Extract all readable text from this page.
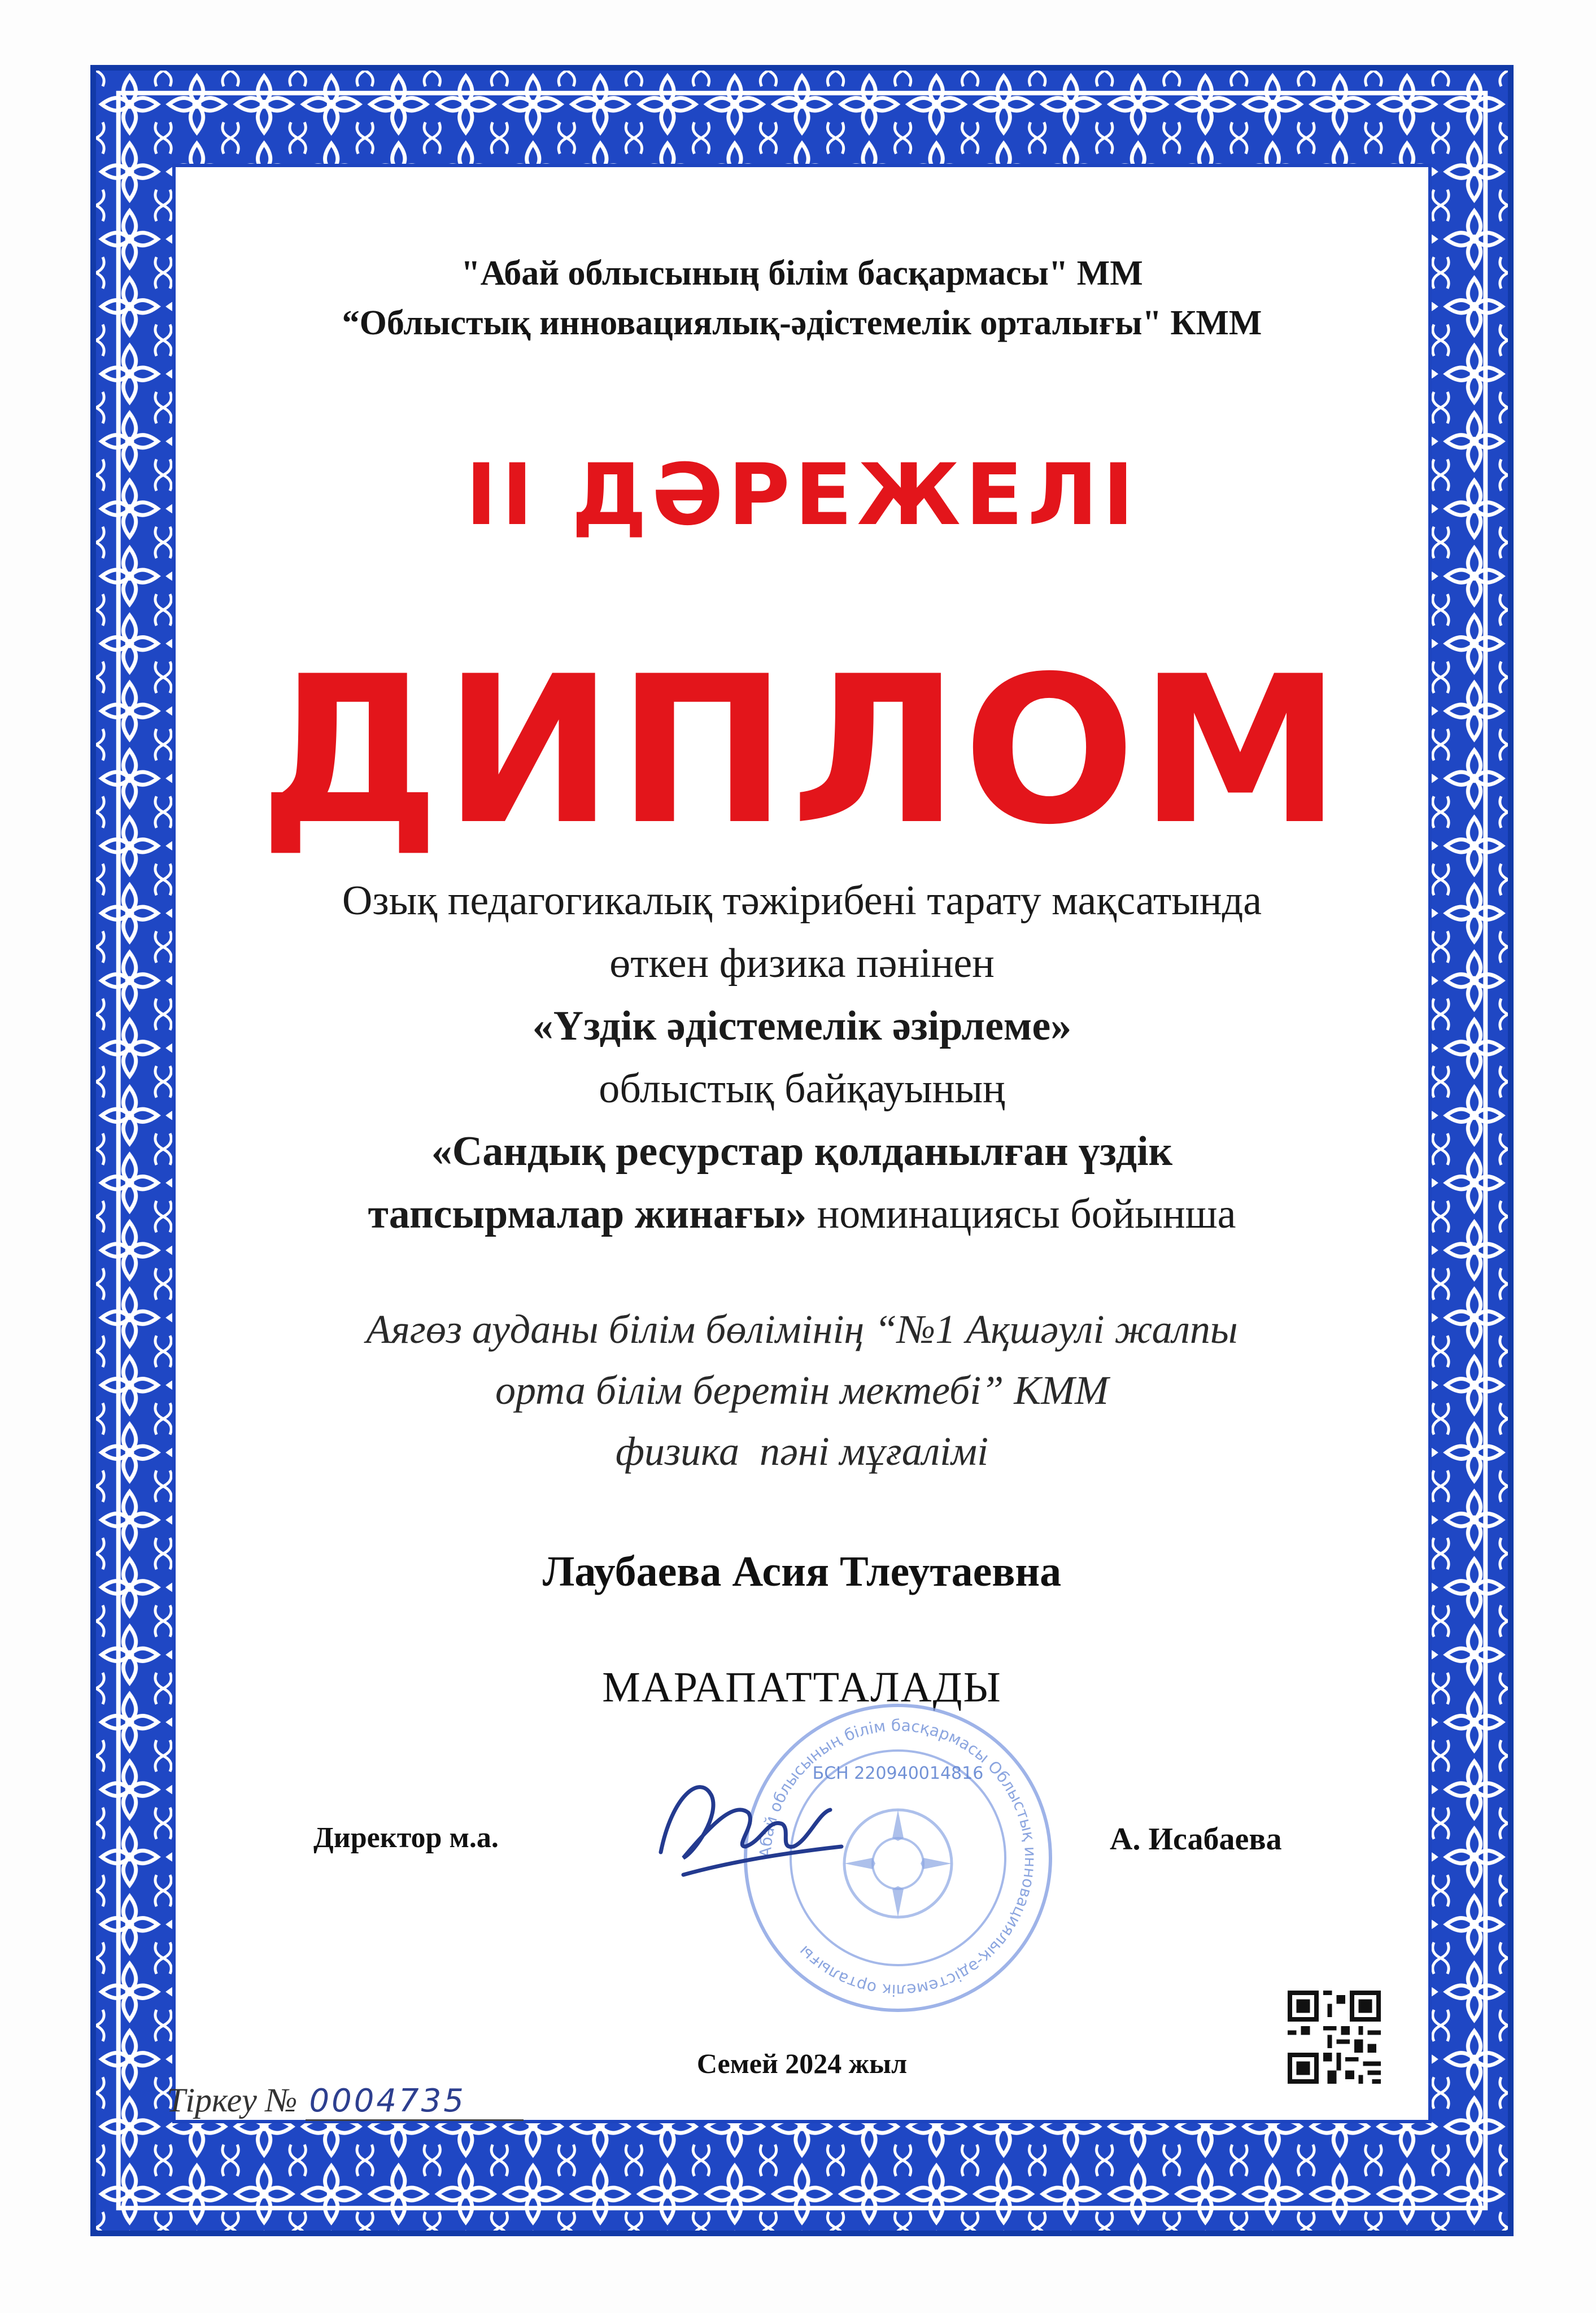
"Абай облысының білім басқармасы" ММ
“Облыстық инновациялық-әдістемелік орталығы" КММ
ІІ ДӘРЕЖЕЛІ
ДИПЛОМ
Озық педагогикалық тәжірибені тарату мақсатында
өткен физика пәнінен
«Үздік әдістемелік әзірлеме»
облыстық байқауының
«Сандық ресурстар қолданылған үздік
тапсырмалар жинағы» номинациясы бойынша
Аягөз ауданы білім бөлімінің “№1 Ақшәулі жалпы
орта білім беретін мектебі” КММ
физика  пәні мұғалімі
Лаубаева Асия Тлеутаевна
МАРАПАТТАЛАДЫ
Абай облысының білім басқармасы Облыстық инновациялық-әдістемелік орталығы
БСН 220940014816
Директор м.а.	А. Исабаева
Семей 2024 жыл
Тіркеу № 0004735
